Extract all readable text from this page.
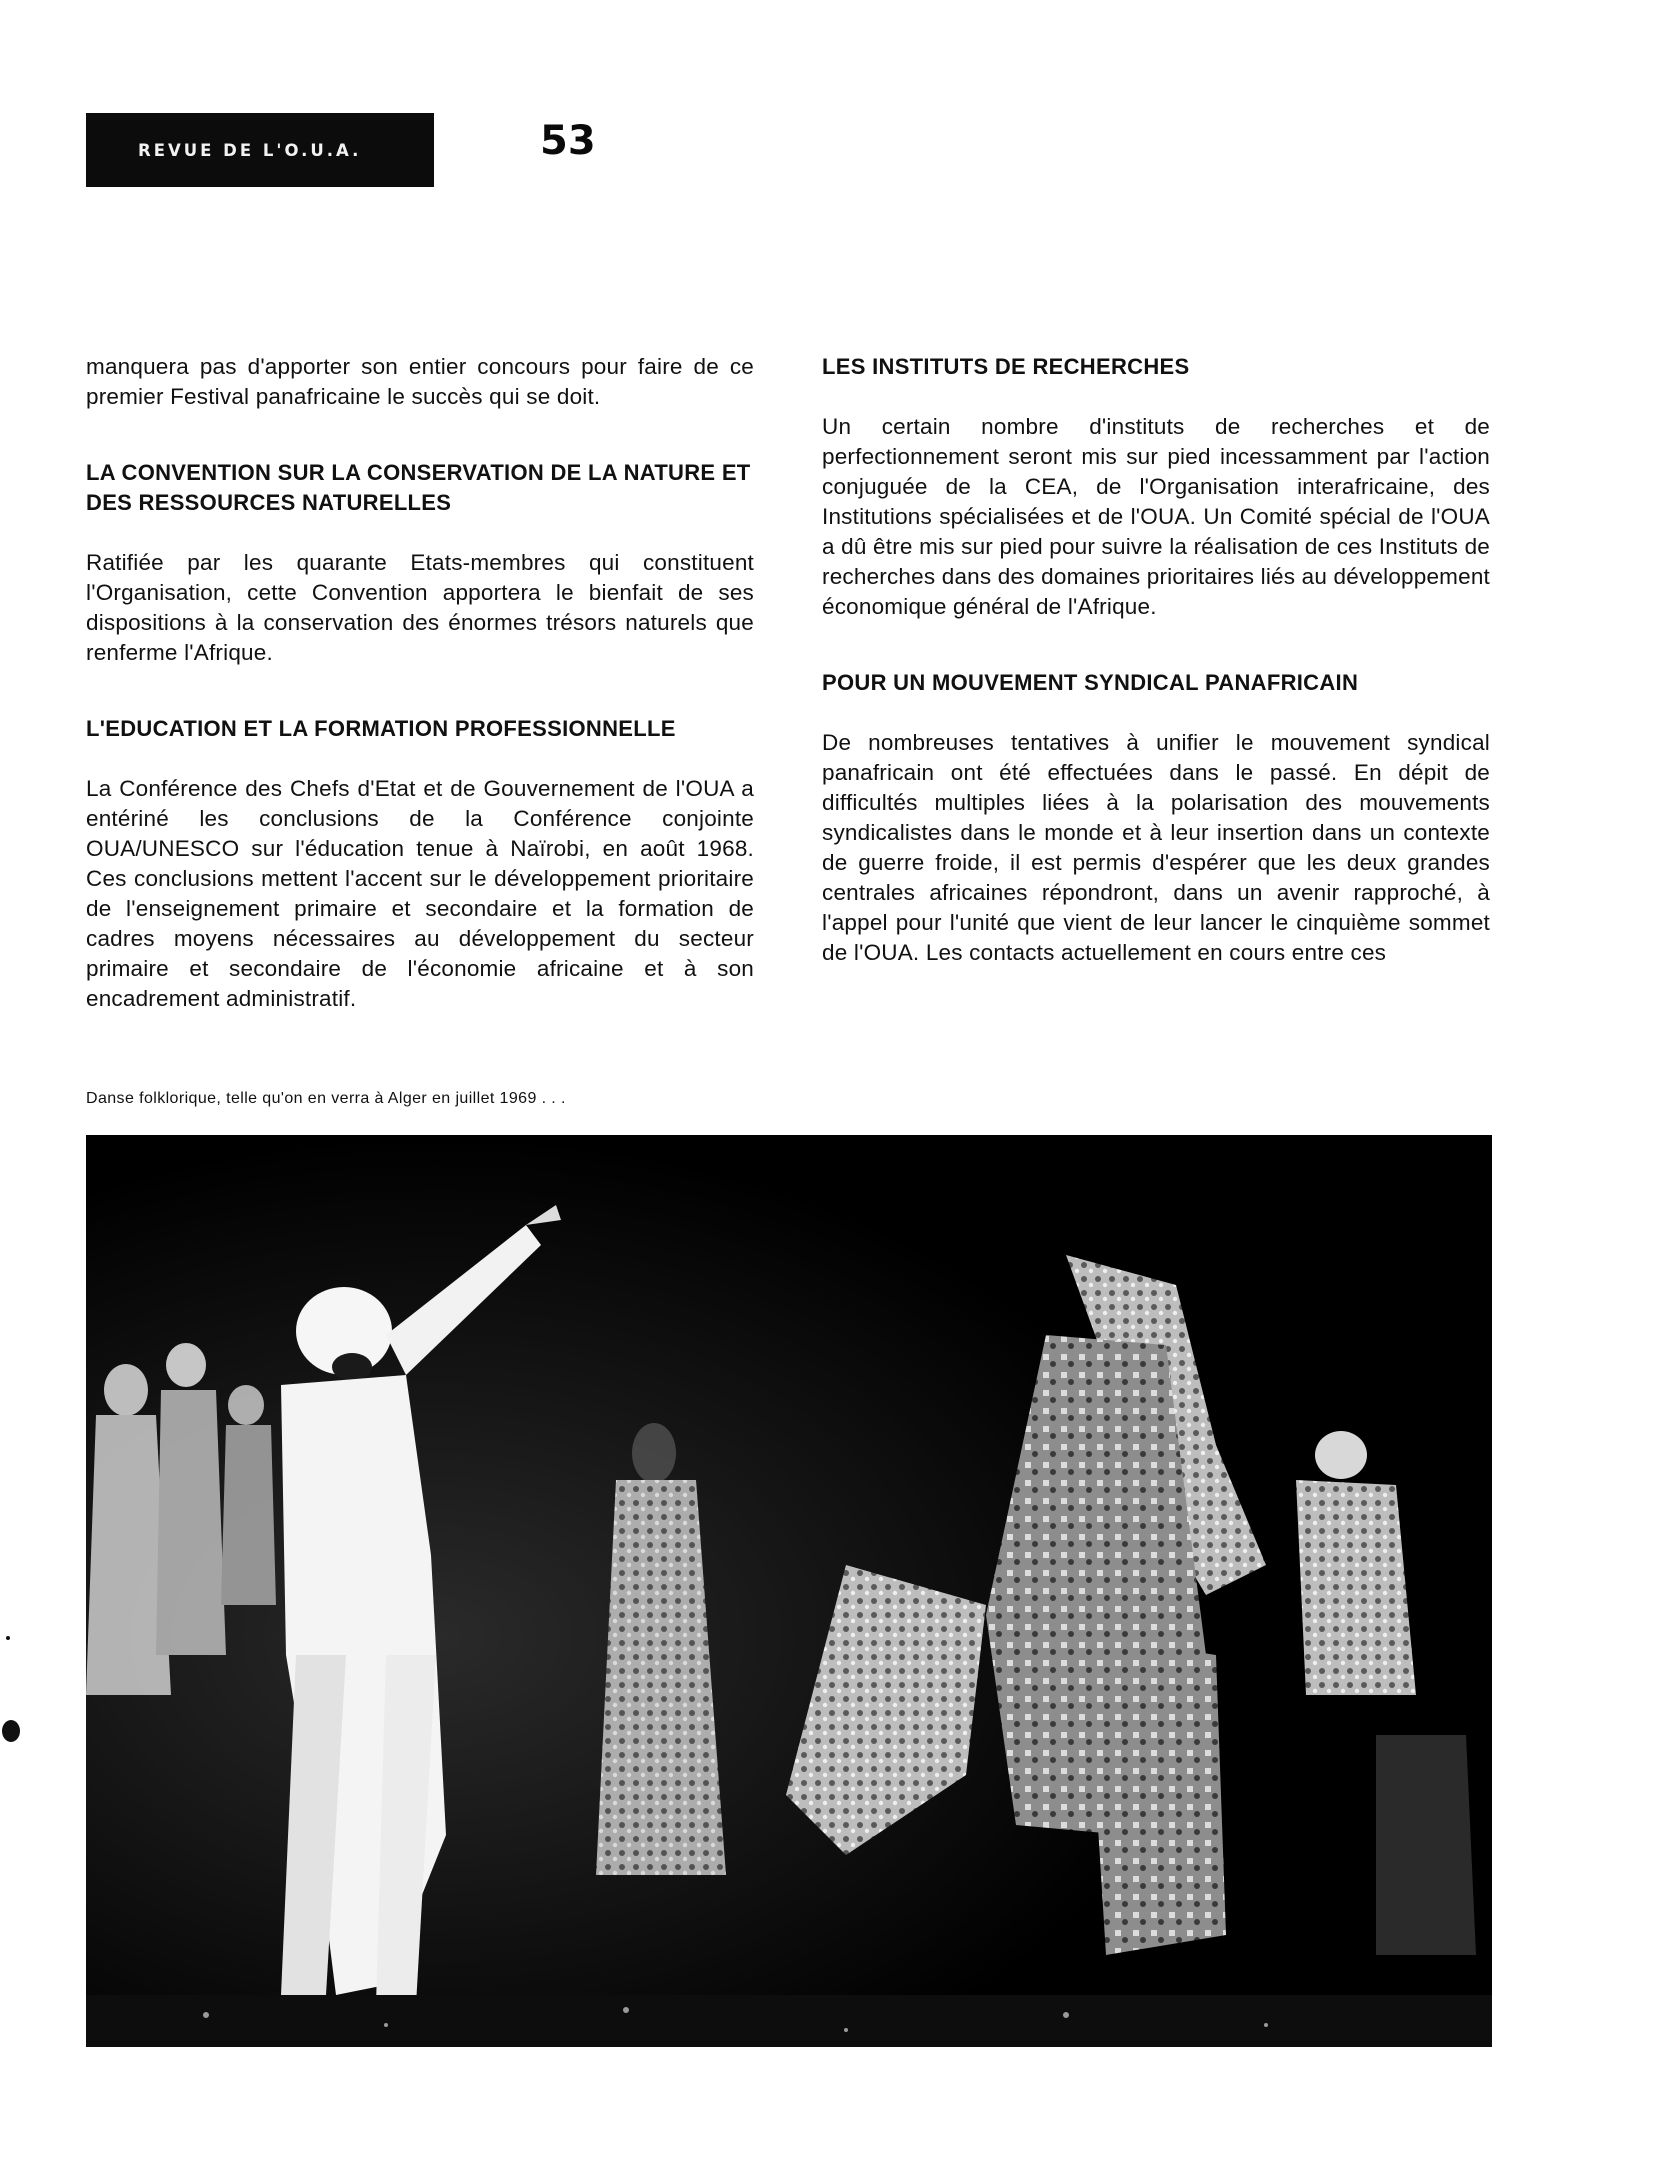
REVUE DE L'O.U.A.	53

manquera pas d'apporter son entier concours pour faire de ce premier Festival panafricaine le succès qui se doit.

LA CONVENTION SUR LA CONSERVATION DE LA NATURE ET DES RESSOURCES NATURELLES

Ratifiée par les quarante Etats-membres qui constituent l'Organisation, cette Convention apportera le bienfait de ses dispositions à la conservation des énormes trésors naturels que renferme l'Afrique.

L'EDUCATION ET LA FORMATION PROFESSIONNELLE

La Conférence des Chefs d'Etat et de Gouvernement de l'OUA a entériné les conclusions de la Conférence conjointe OUA/UNESCO sur l'éducation tenue à Naïrobi, en août 1968. Ces conclusions mettent l'accent sur le développement prioritaire de l'enseignement primaire et secondaire et la formation de cadres moyens nécessaires au développement du secteur primaire et secondaire de l'économie africaine et à son encadrement administratif.

LES INSTITUTS DE RECHERCHES

Un certain nombre d'instituts de recherches et de perfectionnement seront mis sur pied incessamment par l'action conjuguée de la CEA, de l'Organisation interafricaine, des Institutions spécialisées et de l'OUA. Un Comité spécial de l'OUA a dû être mis sur pied pour suivre la réalisation de ces Instituts de recherches dans des domaines prioritaires liés au développement économique général de l'Afrique.

POUR UN MOUVEMENT SYNDICAL PANAFRICAIN

De nombreuses tentatives à unifier le mouvement syndical panafricain ont été effectuées dans le passé. En dépit de difficultés multiples liées à la polarisation des mouvements syndicalistes dans le monde et à leur insertion dans un contexte de guerre froide, il est permis d'espérer que les deux grandes centrales africaines répondront, dans un avenir rapproché, à l'appel pour l'unité que vient de leur lancer le cinquième sommet de l'OUA. Les contacts actuellement en cours entre ces

Danse folklorique, telle qu'on en verra à Alger en juillet 1969 . . .
